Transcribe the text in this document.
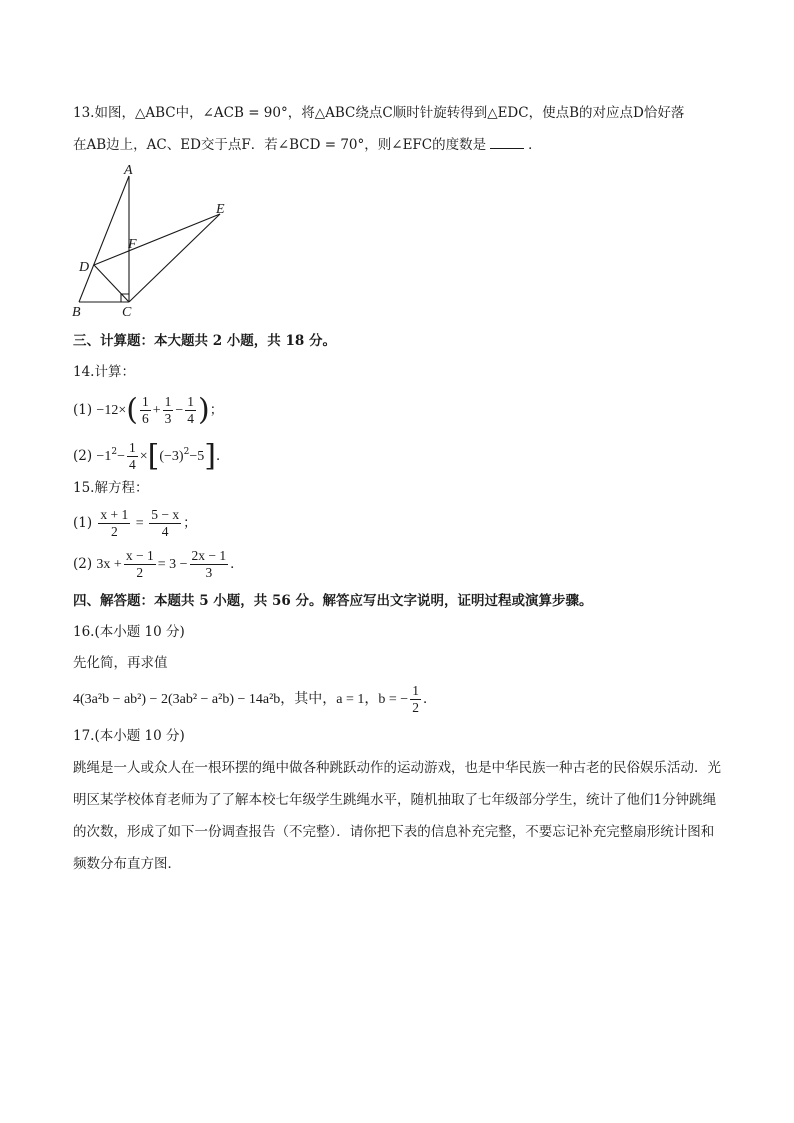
13.如图，△ABC中，∠ACB = 90°，将△ABC绕点C顺时针旋转得到△EDC，使点B的对应点D恰好落
在AB边上，AC、ED交于点F．若∠BCD = 70°，则∠EFC的度数是	．
A
B	C
D
E
F
三、计算题：本大题共 2 小题，共 18 分。
14.计算：
$(1) -12\times( \frac{1}{6} + \frac{1}{3} - \frac{1}{4}$ )；
$(2) -1^2- \frac{1}{4} \times[(-3)^2-5]$．
15.解方程：
$(1) \frac{x + 1}{2} = \frac{5 - x}{4}$ ；
(2) $3x + \frac{x - 1}{2} = 3 - \frac{2x - 1}{3}$ ．
四、解答题：本题共 5 小题，共 56 分。解答应写出文字说明，证明过程或演算步骤。
16.(本小题 10 分)
先化简，再求值
4(3a²b − ab²) − 2(3ab² − a²b) − 14a²b，其中，a = 1，b = − $\frac{1}{2}$ ．
17.(本小题 10 分)
跳绳是一人或众人在一根环摆的绳中做各种跳跃动作的运动游戏，也是中华民族一种古老的民俗娱乐活动．光明区某学校体育老师为了了解本校七年级学生跳绳水平，随机抽取了七年级部分学生，统计了他们1分钟跳绳的次数，形成了如下一份调查报告（不完整）．请你把下表的信息补充完整，不要忘记补充完整扇形统计图和频数分布直方图．
